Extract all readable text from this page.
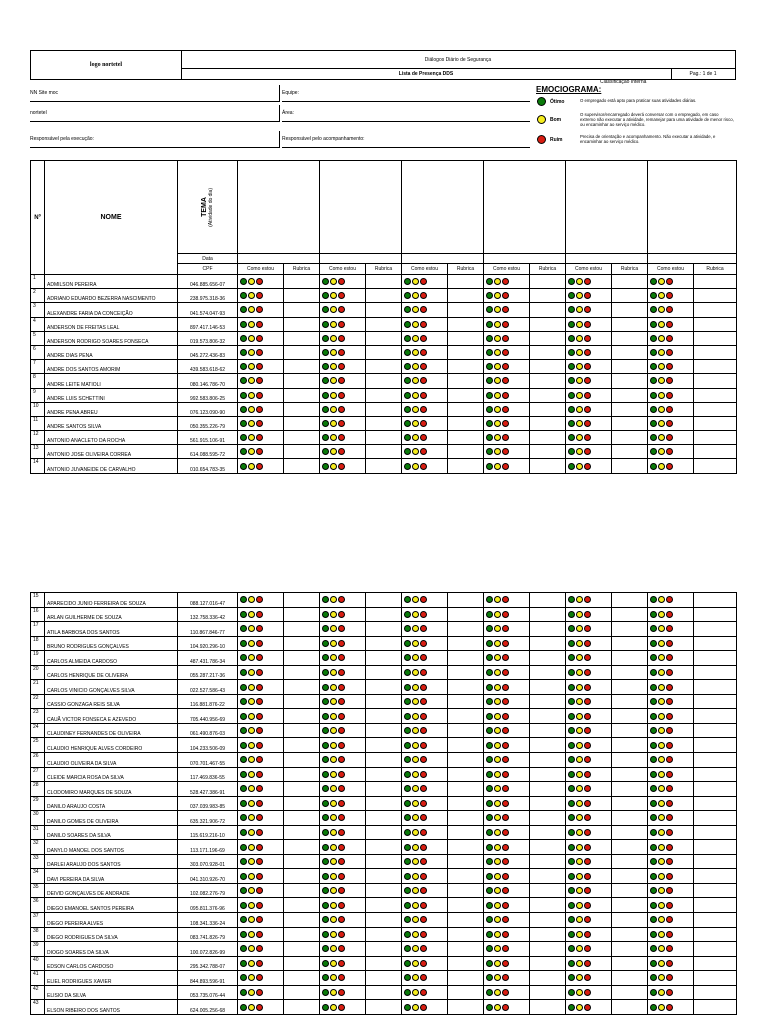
logo nortetel
Diálogos Diário de Segurança
Lista de Presença DDS	Pag.: 1 de 1
Classificação Interna
NN Site moc	Equipe:
nortetel	Área:
Responsável pela execução:	Responsável pelo acompanhamento:
EMOCIOGRAMA:
Ótimo	O empregado está apto para praticar suas atividades diárias.
Bom
O supervisor/encarregado deverá conversar com o empregado, em caso extremo não executar a atividade, remanejar para uma atividade de menor risco, ou encaminhar ao serviço médico.
Ruim
Precisa de orientação e acompanhamento. Não executar a atividade, e encaminhar ao serviço médico.
Nº	NOME	TEMA (Atividade do dia)												

		Data												
		CPF	Como estou	Rubrica	Como estou	Rubrica	Como estou	Rubrica	Como estou	Rubrica	Como estou	Rubrica	Como estou	Rubrica
1	ADMILSON PEREIRA	046.885.656-07	

2	ADRIANO EDUARDO BEZERRA NASCIMENTO	238.975.318-36	

3	ALEXANDRE FARIA DA CONCEIÇÃO	041.574.047-93	

4	ANDERSON DE FREITAS LEAL	897.417.146-53	

5	ANDERSON RODRIGO SOARES FONSECA	019.573.806-32	

6	ANDRE DIAS PENA	045.272.436-83	

7	ANDRE DOS SANTOS AMORIM	439.583.618-62	

8	ANDRE LEITE MATIOLI	080.146.786-70	

9	ANDRE LUIS SCHETTINI	992.583.806-25	

10	ANDRE PENA ABREU	076.123.090-90	

11	ANDRE SANTOS SILVA	050.355.226-79	

12	ANTONIO ANACLETO DA ROCHA	561.915.106-91	

13	ANTONIO JOSE OLIVEIRA CORREA	614.088.595-72	

14	ANTONIO JUVANEIDE DE CARVALHO	010.654.783-35	

15	APARECIDO JUNIO FERREIRA DE SOUZA	088.127.016-47	

16	ARLAN GUILHERME DE SOUZA	132.758.336-42	

17	ATILA BARBOSA DOS SANTOS	110.867.846-77	

18	BRUNO RODRIGUES GONÇALVES	104.920.296-10	

19	CARLOS ALMEIDA CARDOSO	487.431.786-34	

20	CARLOS HENRIQUE DE OLIVEIRA	055.287.217-36	

21	CARLOS VINICIO GONÇALVES SILVA	022.527.586-43	

22	CASSIO GONZAGA REIS SILVA	116.881.876-22	

23	CAUÃ VICTOR FONSECA E AZEVEDO	705.440.956-69	

24	CLAUDINEY FERNANDES DE OLIVEIRA	061.490.876-03	

25	CLAUDIO HENRIQUE ALVES CORDEIRO	104.233.506-09	

26	CLAUDIO OLIVEIRA DA SILVA	070.701.467-55	

27	CLEIDE MARCIA ROSA DA SILVA	117.469.836-55	

28	CLODOMIRO MARQUES DE SOUZA	528.427.386-91	

29	DANILO ARAUJO COSTA	037.039.983-85	

30	DANILO GOMES DE OLIVEIRA	635.321.906-72	

31	DANILO SOARES DA SILVA	115.619.216-10	

32	DANYLO MANOEL DOS SANTOS	113.171.196-69	

33	DARLEI ARAUJO DOS SANTOS	303.070.928-01	

34	DAVI PEREIRA DA SILVA	041.310.926-70	

35	DEIVID GONÇALVES DE ANDRADE	102.082.276-79	

36	DIEGO EMANOEL SANTOS PEREIRA	095.811.376-96	

37	DIEGO PEREIRA ALVES	108.341.336-24	

38	DIEGO RODRIGUES DA SILVA	083.741.826-79	

39	DIOGO SOARES DA SILVA	100.072.826-99	

40	EDSON CARLOS CARDOSO	295.342.788-07	

41	ELIEL RODRIGUES XAVIER	844.893.596-91	

42	ELISIO DA SILVA	053.735.076-44	

43	ELSON RIBEIRO DOS SANTOS	624.005.256-68	
